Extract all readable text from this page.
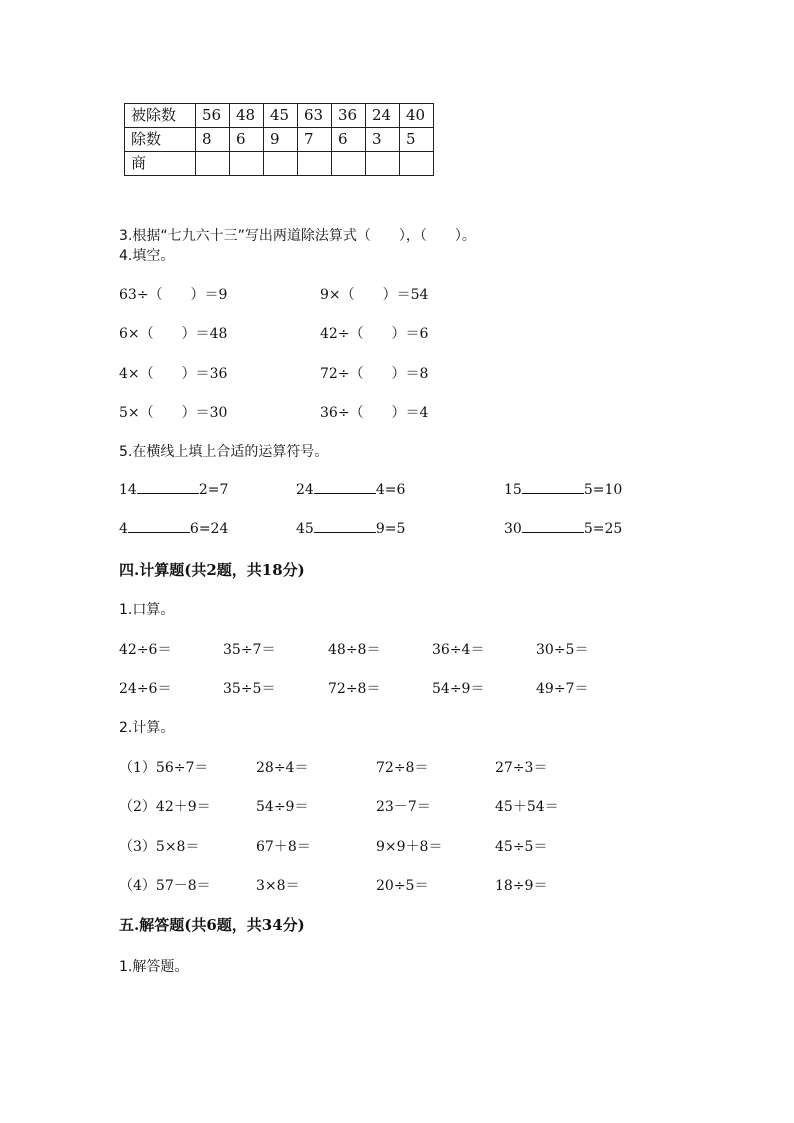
被除数	56	48	45	63	36	24	40
除数	8	6	9	7	6	3	5
商							
3.根据“七九六十三”写出两道除法算式（　　），（　　）。
4.填空。
63÷（　　）＝9	9×（　　）＝54
6×（　　）＝48	42÷（　　）＝6
4×（　　）＝36	72÷（　　）＝8
5×（　　）＝30	36÷（　　）＝4
5.在横线上填上合适的运算符号。
14	2=7	24	4=6	15	5=10
4	6=24	45	9=5	30	5=25
四.计算题(共2题，共18分)
1.口算。
42÷6＝	35÷7＝	48÷8＝	36÷4＝	30÷5＝
24÷6＝	35÷5＝	72÷8＝	54÷9＝	49÷7＝
2.计算。
（1）56÷7＝	28÷4＝	72÷8＝	27÷3＝
（2）42＋9＝	54÷9＝	23－7＝	45＋54＝
（3）5×8＝	67＋8＝	9×9＋8＝	45÷5＝
（4）57－8＝	3×8＝	20÷5＝	18÷9＝
五.解答题(共6题，共34分)
1.解答题。
